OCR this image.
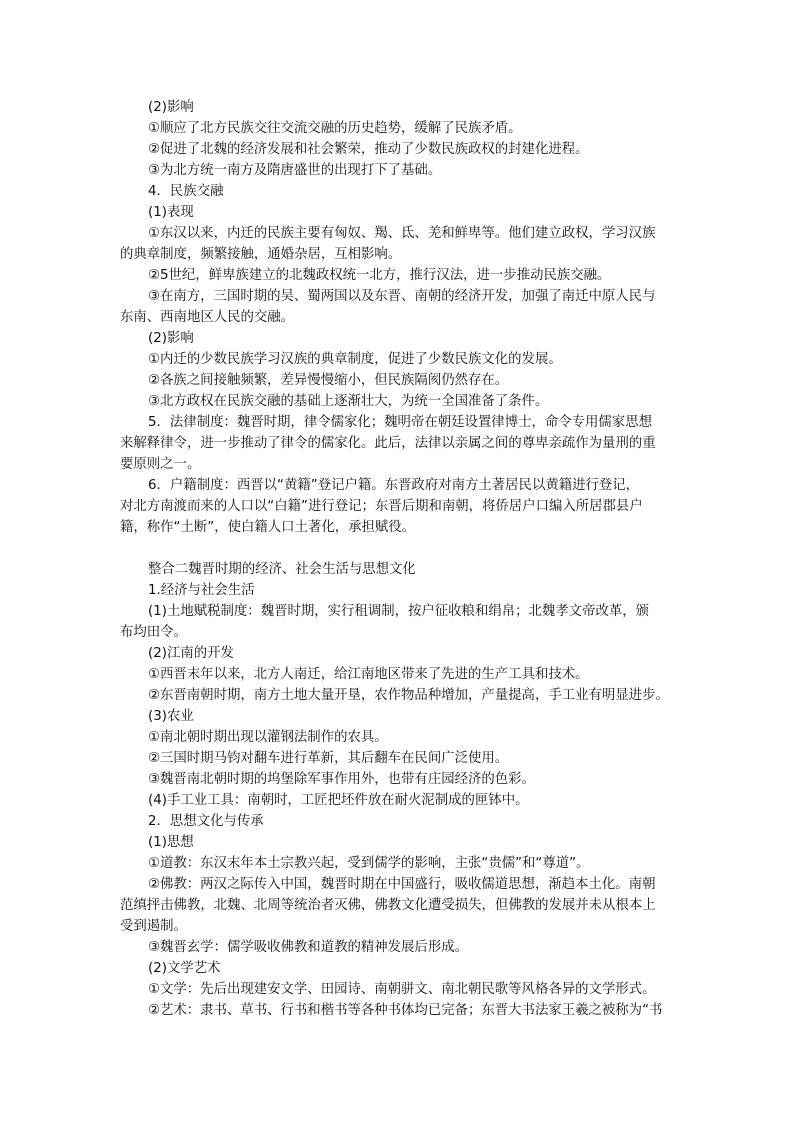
(2)影响
①顺应了北方民族交往交流交融的历史趋势，缓解了民族矛盾。
②促进了北魏的经济发展和社会繁荣，推动了少数民族政权的封建化进程。
③为北方统一南方及隋唐盛世的出现打下了基础。
4．民族交融
(1)表现
①东汉以来，内迁的民族主要有匈奴、羯、氐、羌和鲜卑等。他们建立政权，学习汉族
的典章制度，频繁接触，通婚杂居，互相影响。
②5世纪，鲜卑族建立的北魏政权统一北方，推行汉法，进一步推动民族交融。
③在南方，三国时期的吴、蜀两国以及东晋、南朝的经济开发，加强了南迁中原人民与
东南、西南地区人民的交融。
(2)影响
①内迁的少数民族学习汉族的典章制度，促进了少数民族文化的发展。
②各族之间接触频繁，差异慢慢缩小，但民族隔阂仍然存在。
③北方政权在民族交融的基础上逐渐壮大，为统一全国准备了条件。
5．法律制度：魏晋时期，律令儒家化；魏明帝在朝廷设置律博士，命令专用儒家思想
来解释律令，进一步推动了律令的儒家化。此后，法律以亲属之间的尊卑亲疏作为量刑的重
要原则之一。
6．户籍制度：西晋以“黄籍”登记户籍。东晋政府对南方土著居民以黄籍进行登记，
对北方南渡而来的人口以“白籍”进行登记；东晋后期和南朝，将侨居户口编入所居郡县户
籍，称作“土断”，使白籍人口土著化，承担赋役。
整合二魏晋时期的经济、社会生活与思想文化
1.经济与社会生活
(1)土地赋税制度：魏晋时期，实行租调制，按户征收粮和绢帛；北魏孝文帝改革，颁
布均田令。
(2)江南的开发
①西晋末年以来，北方人南迁，给江南地区带来了先进的生产工具和技术。
②东晋南朝时期，南方土地大量开垦，农作物品种增加，产量提高，手工业有明显进步。
(3)农业
①南北朝时期出现以灌钢法制作的农具。
②三国时期马钧对翻车进行革新，其后翻车在民间广泛使用。
③魏晋南北朝时期的坞堡除军事作用外，也带有庄园经济的色彩。
(4)手工业工具：南朝时，工匠把坯件放在耐火泥制成的匣钵中。
2．思想文化与传承
(1)思想
①道教：东汉末年本土宗教兴起，受到儒学的影响，主张“贵儒”和“尊道”。
②佛教：两汉之际传入中国，魏晋时期在中国盛行，吸收儒道思想，渐趋本土化。南朝
范缜抨击佛教，北魏、北周等统治者灭佛，佛教文化遭受损失，但佛教的发展并未从根本上
受到遏制。
③魏晋玄学：儒学吸收佛教和道教的精神发展后形成。
(2)文学艺术
①文学：先后出现建安文学、田园诗、南朝骈文、南北朝民歌等风格各异的文学形式。
②艺术：隶书、草书、行书和楷书等各种书体均已完备；东晋大书法家王羲之被称为“书
